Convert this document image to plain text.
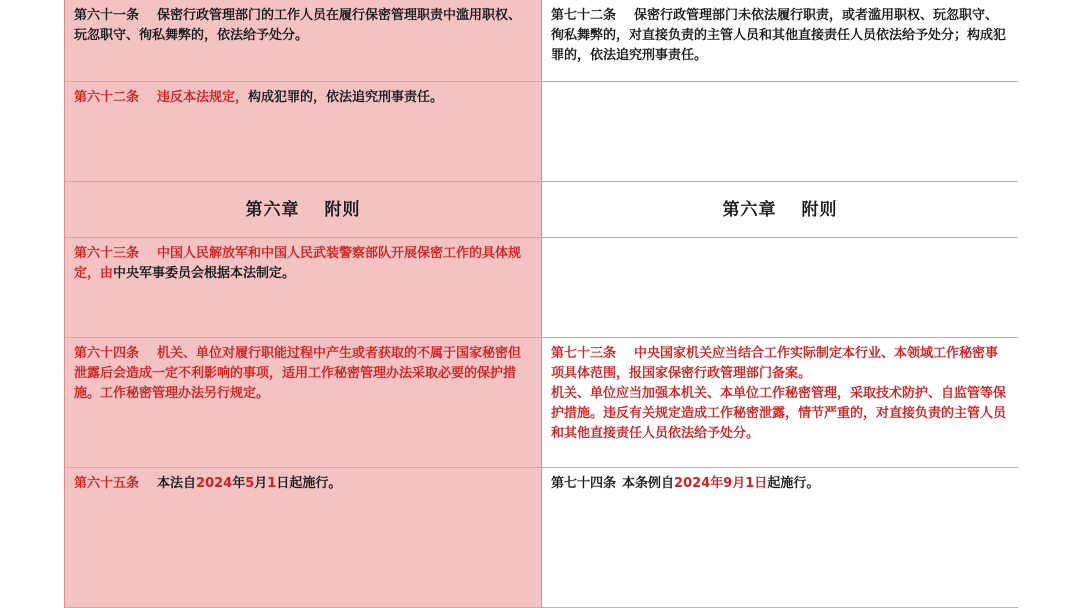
第六十一条 保密行政管理部门的工作人员在履行保密管理职责中滥用职权、玩忽职守、徇私舞弊的，依法给予处分。
第七十二条 保密行政管理部门未依法履行职责，或者滥用职权、玩忽职守、徇私舞弊的，对直接负责的主管人员和其他直接责任人员依法给予处分；构成犯罪的，依法追究刑事责任。
第六十二条 违反本法规定，构成犯罪的，依法追究刑事责任。
第六章　 附则	第六章　 附则
第六十三条 中国人民解放军和中国人民武装警察部队开展保密工作的具体规定，由中央军事委员会根据本法制定。
第六十四条 机关、单位对履行职能过程中产生或者获取的不属于国家秘密但泄露后会造成一定不利影响的事项，适用工作秘密管理办法采取必要的保护措施。工作秘密管理办法另行规定。
第七十三条 中央国家机关应当结合工作实际制定本行业、本领域工作秘密事项具体范围，报国家保密行政管理部门备案。
机关、单位应当加强本机关、本单位工作秘密管理，采取技术防护、自监管等保护措施。违反有关规定造成工作秘密泄露，情节严重的，对直接负责的主管人员和其他直接责任人员依法给予处分。
第六十五条 本法自2024年5月1日起施行。	第七十四条 本条例自2024年9月1日起施行。
